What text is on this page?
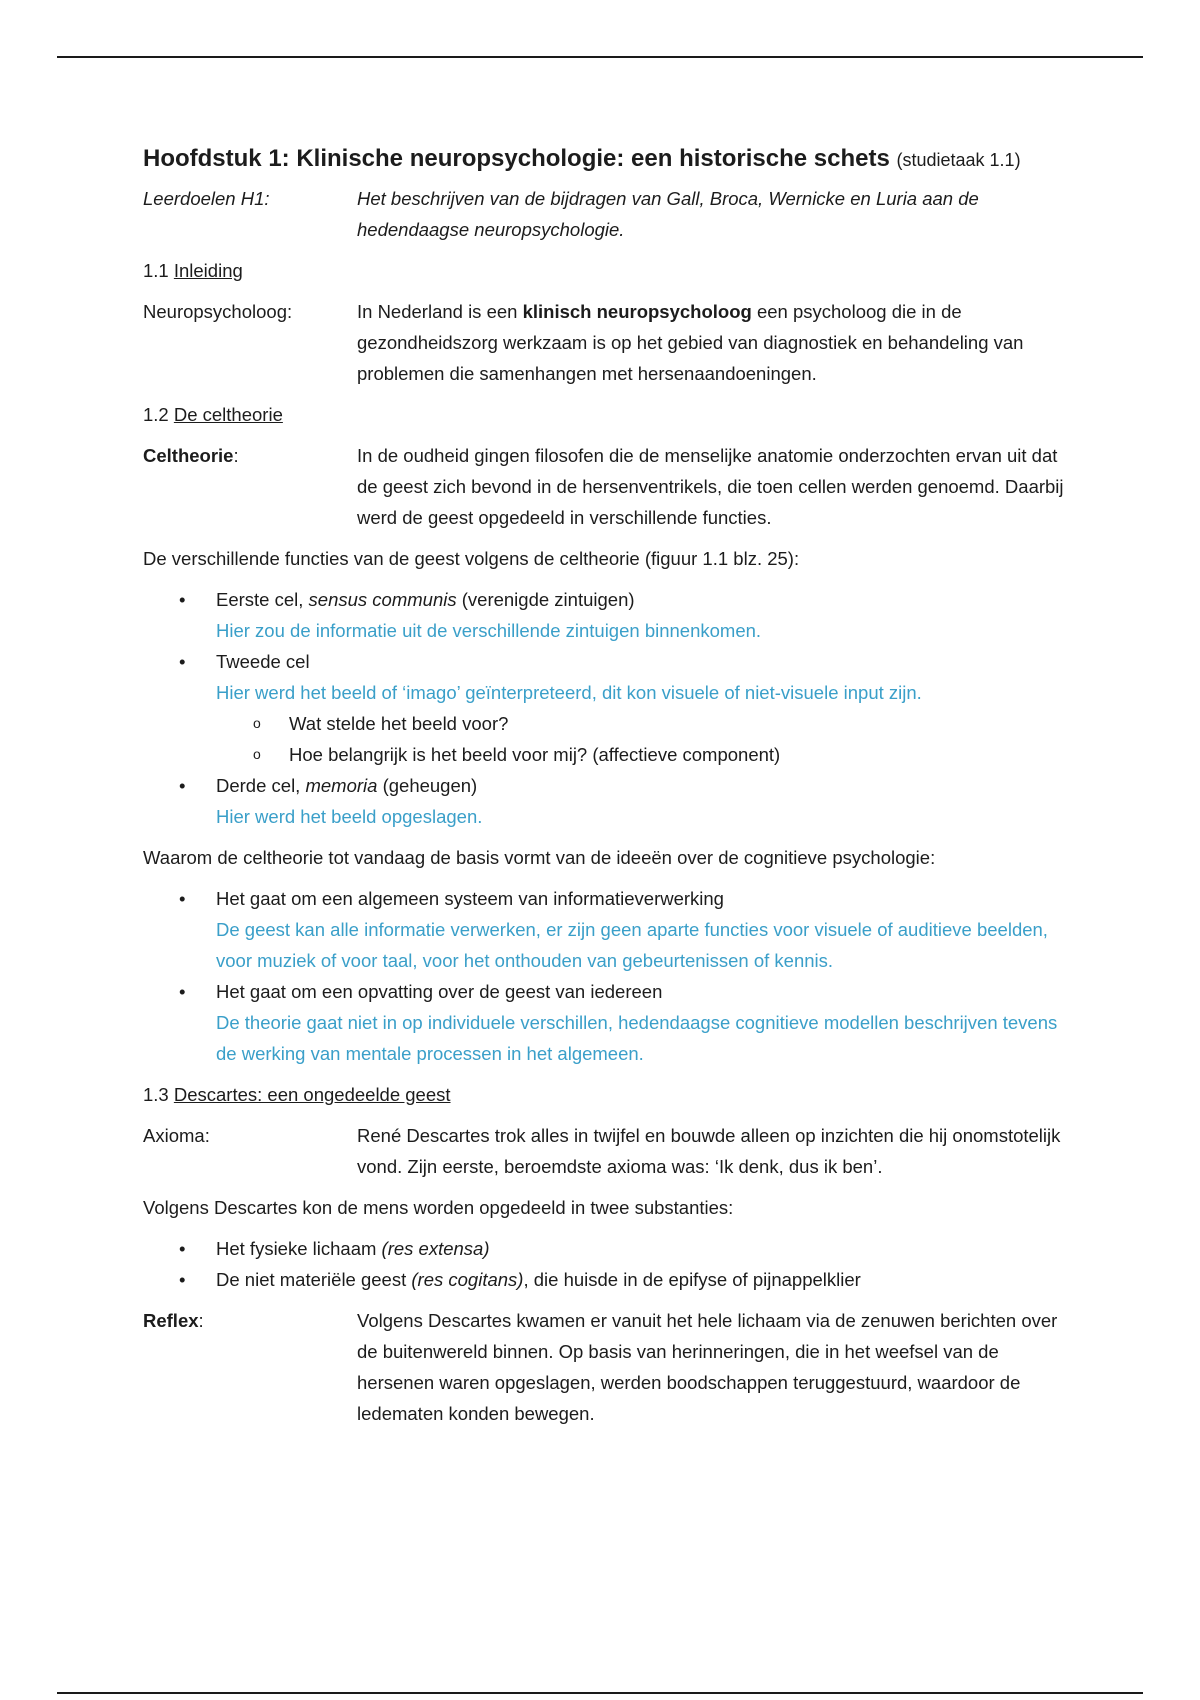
Hoofdstuk 1: Klinische neuropsychologie: een historische schets (studietaak 1.1)
Leerdoelen H1:	Het beschrijven van de bijdragen van Gall, Broca, Wernicke en Luria aan de hedendaagse neuropsychologie.
1.1 Inleiding
Neuropsycholoog:	In Nederland is een klinisch neuropsycholoog een psycholoog die in de gezondheidszorg werkzaam is op het gebied van diagnostiek en behandeling van problemen die samenhangen met hersenaandoeningen.
1.2 De celtheorie
Celtheorie:	In de oudheid gingen filosofen die de menselijke anatomie onderzochten ervan uit dat de geest zich bevond in de hersenventrikels, die toen cellen werden genoemd. Daarbij werd de geest opgedeeld in verschillende functies.

De verschillende functies van de geest volgens de celtheorie (figuur 1.1 blz. 25):

• Eerste cel, sensus communis (verenigde zintuigen)
Hier zou de informatie uit de verschillende zintuigen binnenkomen.
• Tweede cel
Hier werd het beeld of ‘imago’ geïnterpreteerd, dit kon visuele of niet-visuele input zijn.
o Wat stelde het beeld voor?
o Hoe belangrijk is het beeld voor mij? (affectieve component)
• Derde cel, memoria (geheugen)
Hier werd het beeld opgeslagen.

Waarom de celtheorie tot vandaag de basis vormt van de ideeën over de cognitieve psychologie:

• Het gaat om een algemeen systeem van informatieverwerking
De geest kan alle informatie verwerken, er zijn geen aparte functies voor visuele of auditieve beelden, voor muziek of voor taal, voor het onthouden van gebeurtenissen of kennis.
• Het gaat om een opvatting over de geest van iedereen
De theorie gaat niet in op individuele verschillen, hedendaagse cognitieve modellen beschrijven tevens de werking van mentale processen in het algemeen.
1.3 Descartes: een ongedeelde geest
Axioma:	René Descartes trok alles in twijfel en bouwde alleen op inzichten die hij onomstotelijk vond. Zijn eerste, beroemdste axioma was: ‘Ik denk, dus ik ben’.

Volgens Descartes kon de mens worden opgedeeld in twee substanties:

• Het fysieke lichaam (res extensa)
• De niet materiële geest (res cogitans), die huisde in de epifyse of pijnappelklier
Reflex:	Volgens Descartes kwamen er vanuit het hele lichaam via de zenuwen berichten over de buitenwereld binnen. Op basis van herinneringen, die in het weefsel van de hersenen waren opgeslagen, werden boodschappen teruggestuurd, waardoor de ledematen konden bewegen.
